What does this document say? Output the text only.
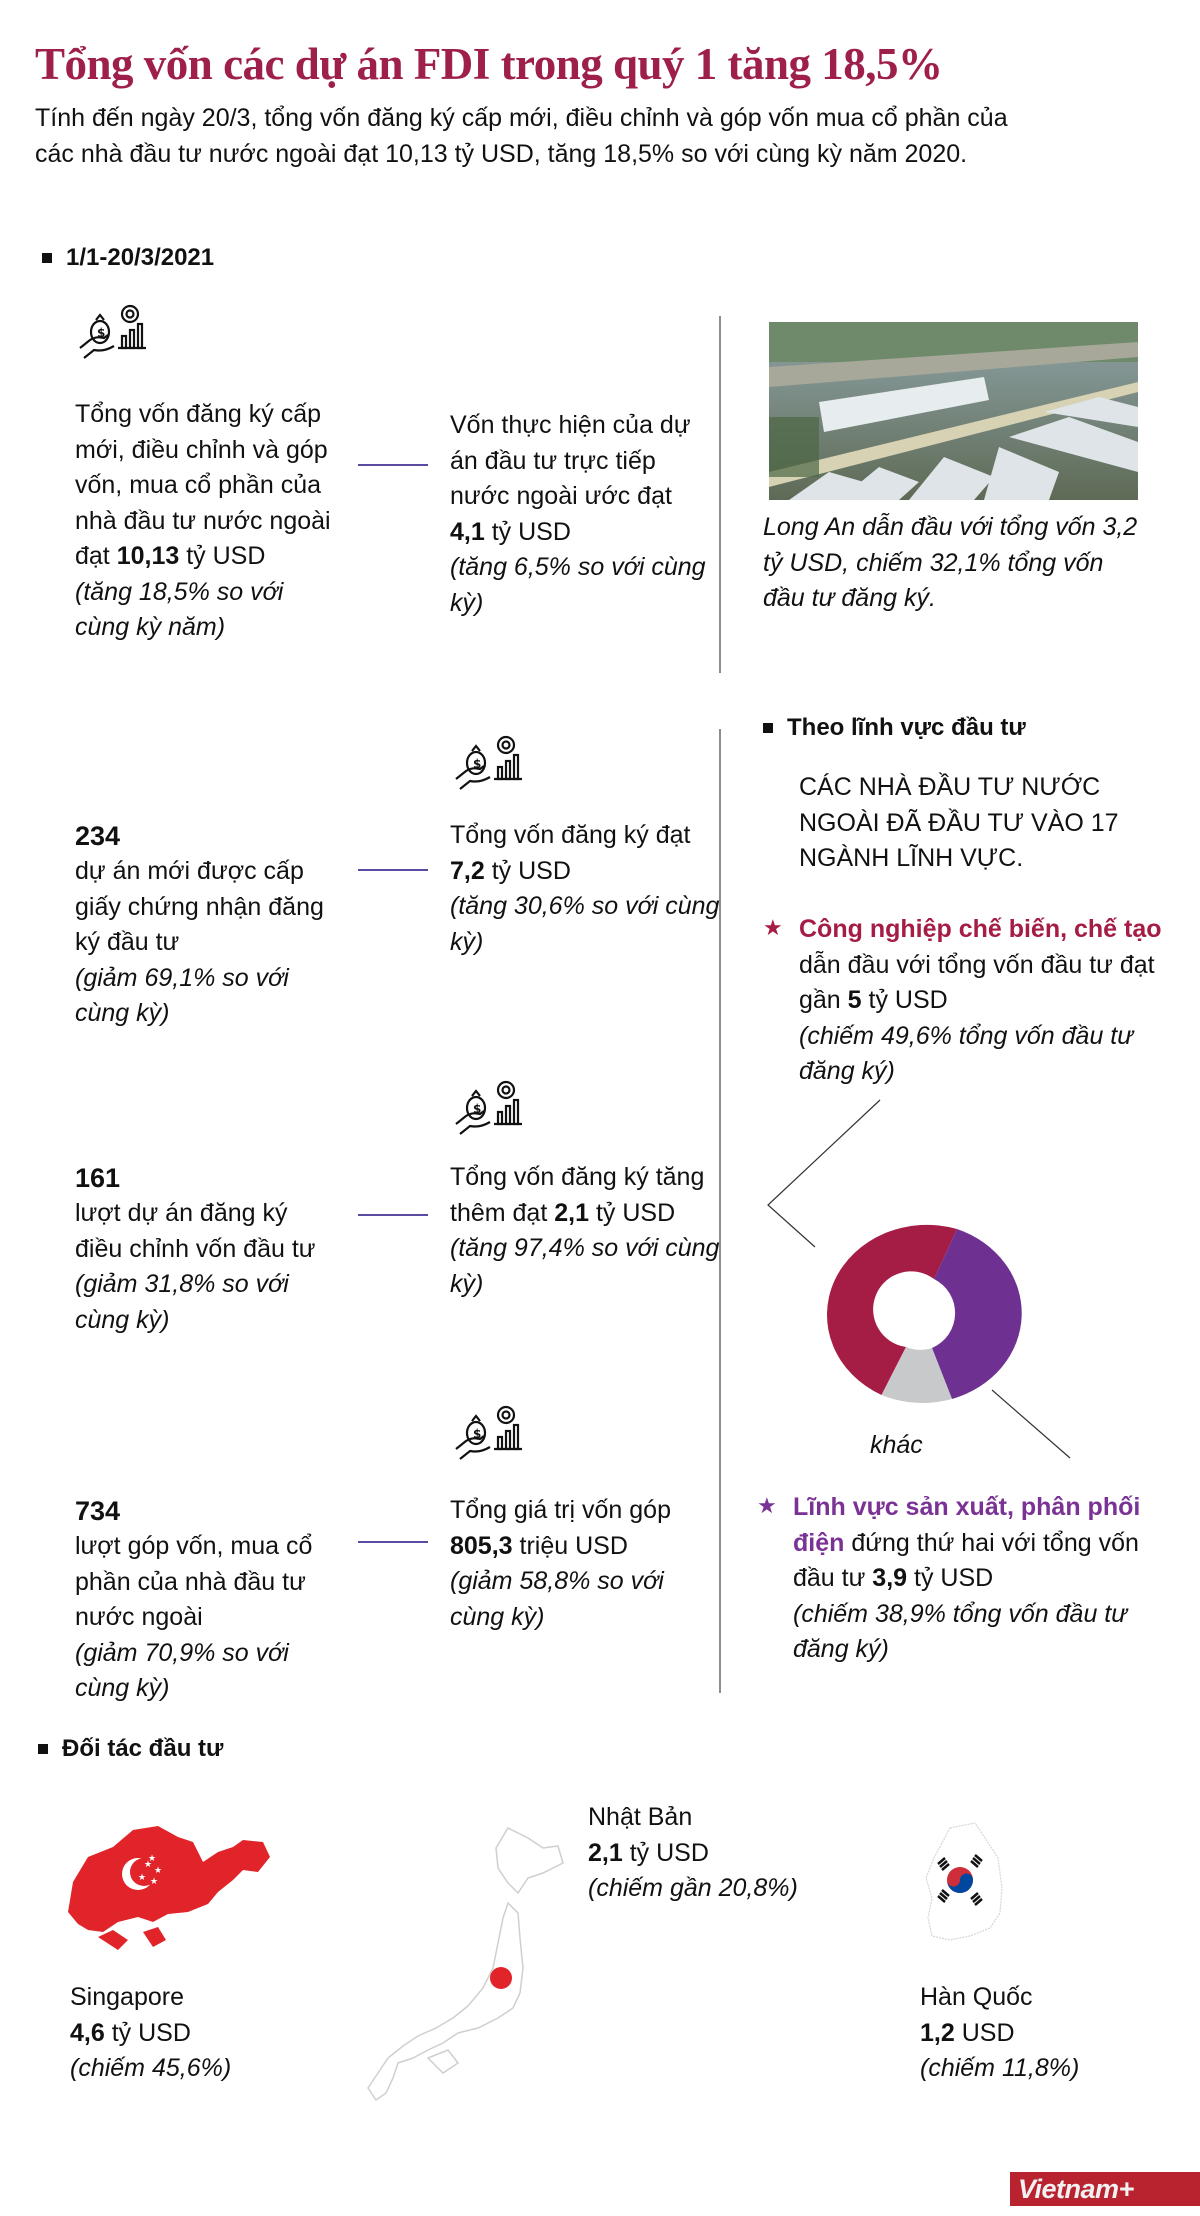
Tổng vốn các dự án FDI trong quý 1 tăng 18,5%
Tính đến ngày 20/3, tổng vốn đăng ký cấp mới, điều chỉnh và góp vốn mua cổ phần của các nhà đầu tư nước ngoài đạt 10,13 tỷ USD, tăng 18,5% so với cùng kỳ năm 2020.
1/1-20/3/2021
$
$
$
$
Tổng vốn đăng ký cấp mới, điều chỉnh và góp vốn, mua cổ phần của nhà đầu tư nước ngoài đạt 10,13 tỷ USD
(tăng 18,5% so với cùng kỳ năm)
Vốn thực hiện của dự án đầu tư trực tiếp nước ngoài ước đạt 4,1 tỷ USD
(tăng 6,5% so với cùng kỳ)
234
dự án mới được cấp giấy chứng nhận đăng ký đầu tư
(giảm 69,1% so với cùng kỳ)
Tổng vốn đăng ký đạt 7,2 tỷ USD
(tăng 30,6% so với cùng kỳ)
161
lượt dự án đăng ký điều chỉnh vốn đầu tư
(giảm 31,8% so với cùng kỳ)
Tổng vốn đăng ký tăng thêm đạt 2,1 tỷ USD
(tăng 97,4% so với cùng kỳ)
734
lượt góp vốn, mua cổ phần của nhà đầu tư nước ngoài
(giảm 70,9% so với cùng kỳ)
Tổng giá trị vốn góp 805,3 triệu USD
(giảm 58,8% so với cùng kỳ)
Long An dẫn đầu với tổng vốn 3,2 tỷ USD, chiếm 32,1% tổng vốn đầu tư đăng ký.
Theo lĩnh vực đầu tư
CÁC NHÀ ĐẦU TƯ NƯỚC NGOÀI ĐÃ ĐẦU TƯ VÀO 17 NGÀNH LĨNH VỰC.
★ Công nghiệp chế biến, chế tạo dẫn đầu với tổng vốn đầu tư đạt gần 5 tỷ USD
(chiếm 49,6% tổng vốn đầu tư đăng ký)
khác
★ Lĩnh vực sản xuất, phân phối điện đứng thứ hai với tổng vốn đầu tư 3,9 tỷ USD
(chiếm 38,9% tổng vốn đầu tư đăng ký)
Đối tác đầu tư
★
★
★ ★
★
Singapore
4,6 tỷ USD
(chiếm 45,6%)
Nhật Bản
2,1 tỷ USD
(chiếm gần 20,8%)
Hàn Quốc
1,2 USD
(chiếm 11,8%)
Vietnam+
